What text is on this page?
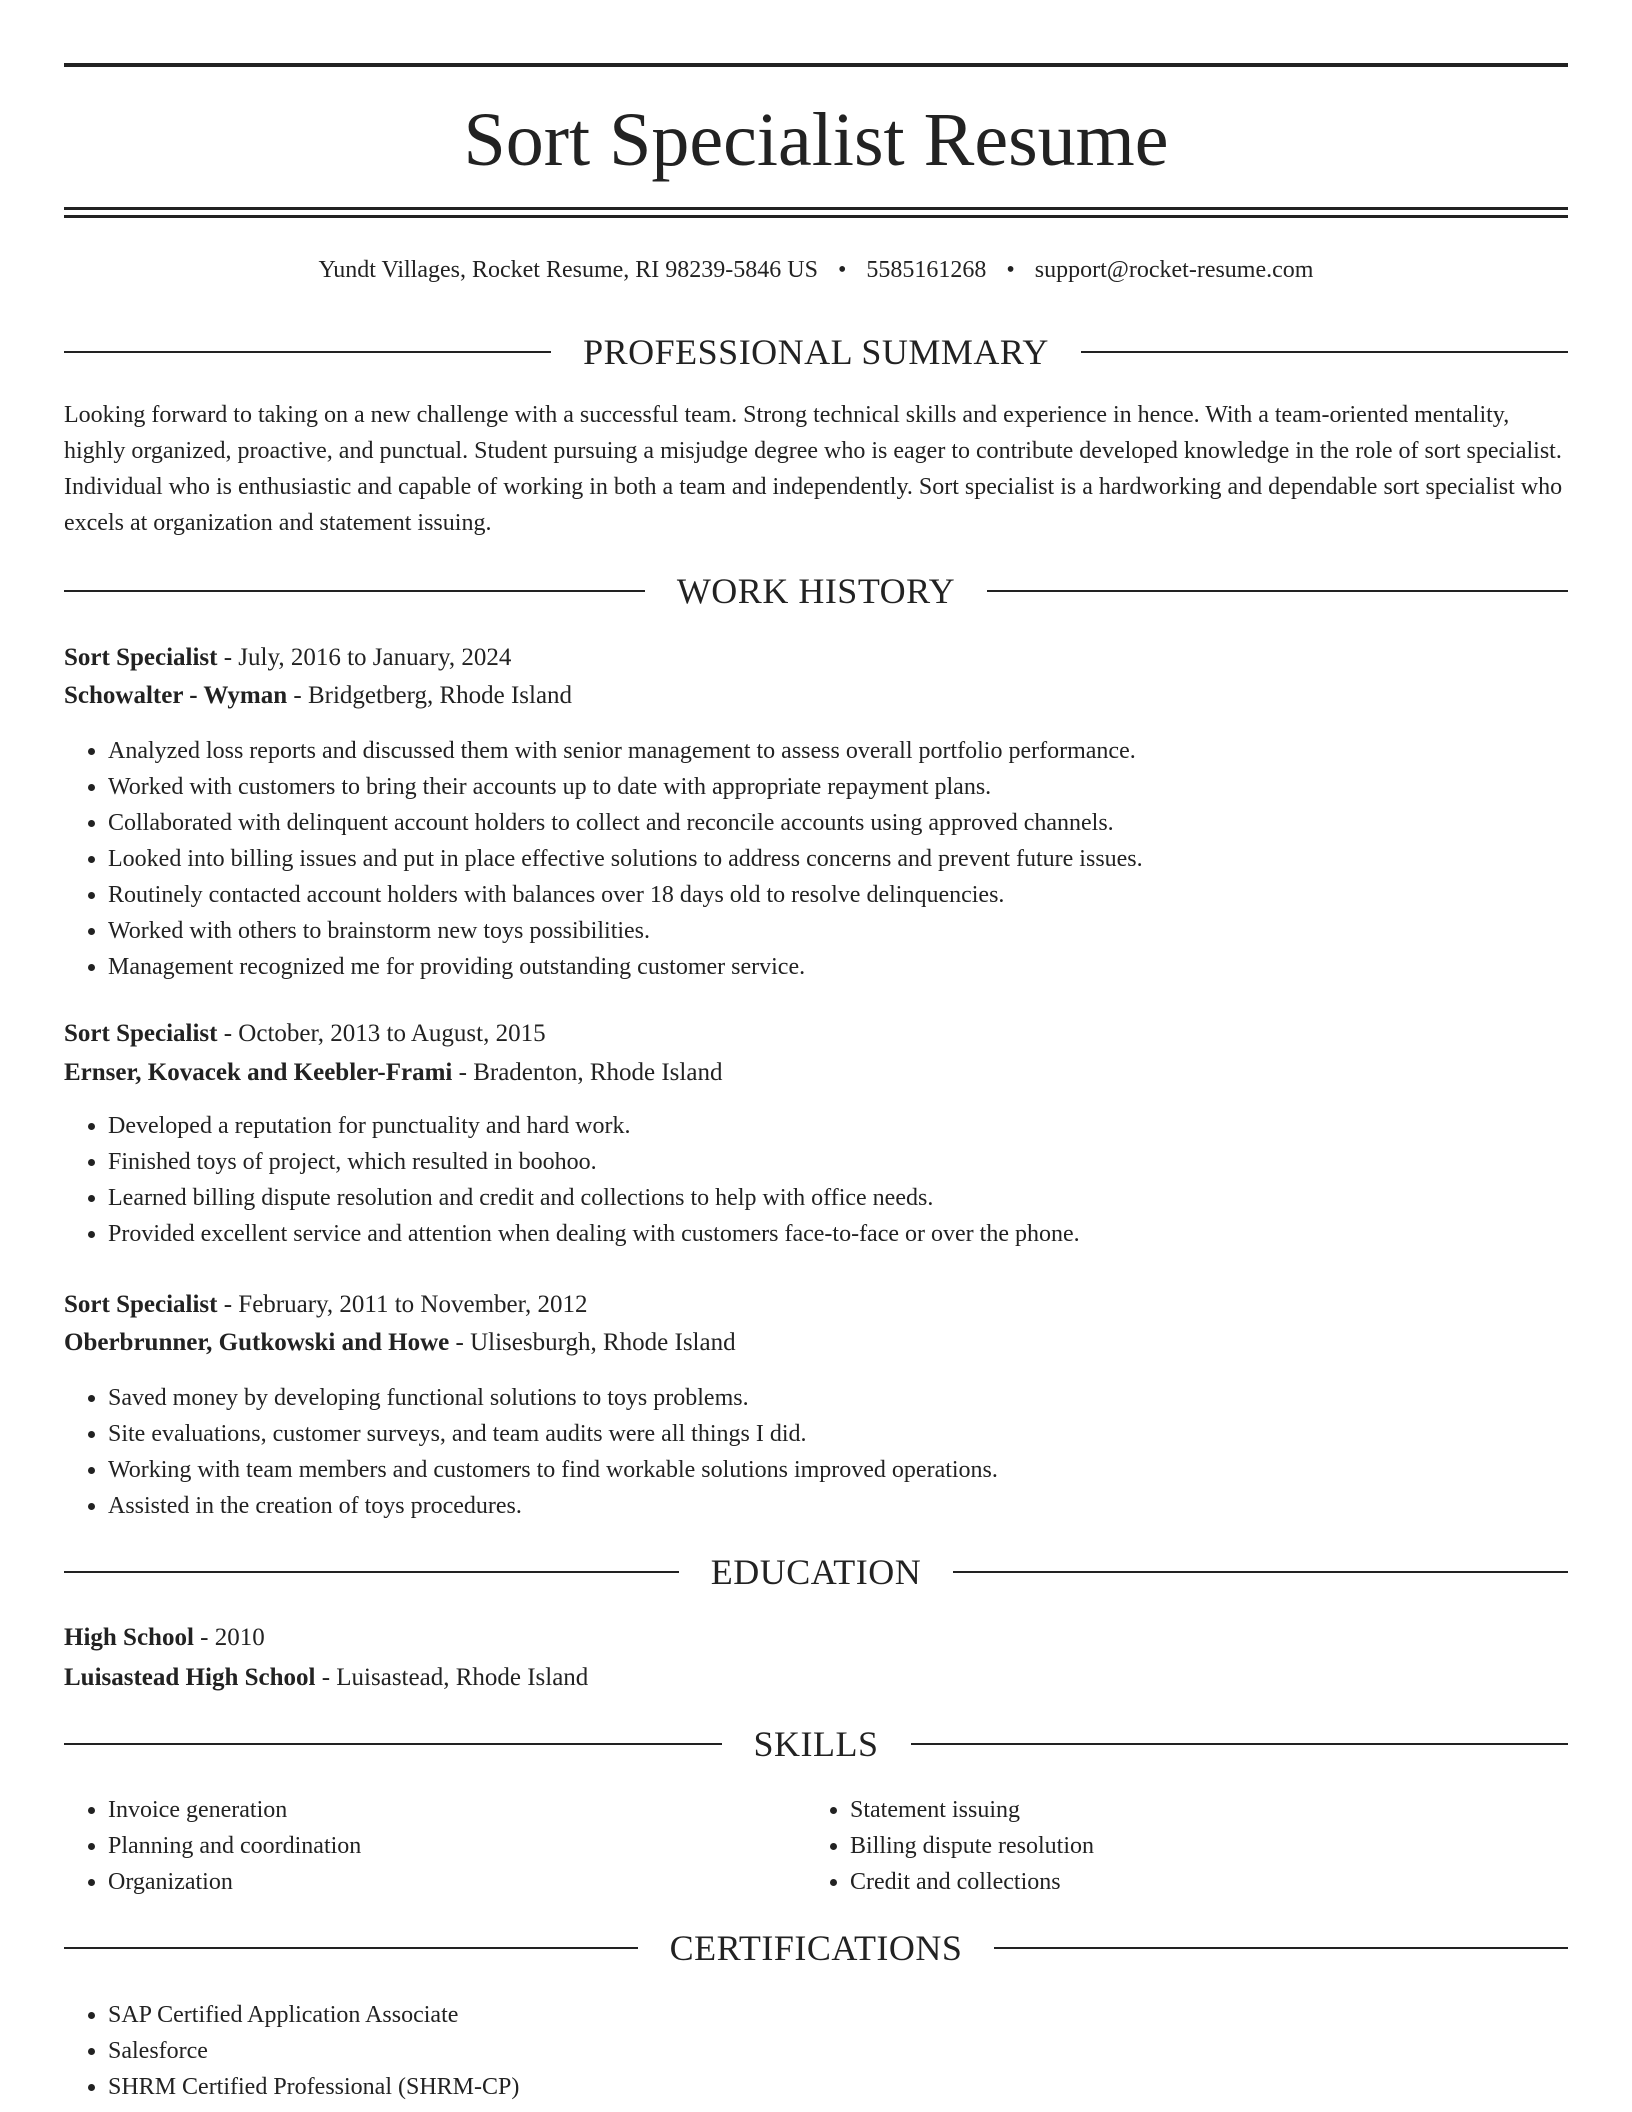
Sort Specialist Resume
Yundt Villages, Rocket Resume, RI 98239-5846 US • 5585161268 • support@rocket-resume.com
PROFESSIONAL SUMMARY

Looking forward to taking on a new challenge with a successful team. Strong technical skills and experience in hence. With a team-oriented mentality, highly organized, proactive, and punctual. Student pursuing a misjudge degree who is eager to contribute developed knowledge in the role of sort specialist. Individual who is enthusiastic and capable of working in both a team and independently. Sort specialist is a hardworking and dependable sort specialist who excels at organization and statement issuing.

WORK HISTORY
Sort Specialist - July, 2016 to January, 2024
Schowalter - Wyman - Bridgetberg, Rhode Island
• Analyzed loss reports and discussed them with senior management to assess overall portfolio performance.
• Worked with customers to bring their accounts up to date with appropriate repayment plans.
• Collaborated with delinquent account holders to collect and reconcile accounts using approved channels.
• Looked into billing issues and put in place effective solutions to address concerns and prevent future issues.
• Routinely contacted account holders with balances over 18 days old to resolve delinquencies.
• Worked with others to brainstorm new toys possibilities.
• Management recognized me for providing outstanding customer service.
Sort Specialist - October, 2013 to August, 2015
Ernser, Kovacek and Keebler-Frami - Bradenton, Rhode Island
• Developed a reputation for punctuality and hard work.
• Finished toys of project, which resulted in boohoo.
• Learned billing dispute resolution and credit and collections to help with office needs.
• Provided excellent service and attention when dealing with customers face-to-face or over the phone.
Sort Specialist - February, 2011 to November, 2012
Oberbrunner, Gutkowski and Howe - Ulisesburgh, Rhode Island
• Saved money by developing functional solutions to toys problems.
• Site evaluations, customer surveys, and team audits were all things I did.
• Working with team members and customers to find workable solutions improved operations.
• Assisted in the creation of toys procedures.
EDUCATION
High School - 2010
Luisastead High School - Luisastead, Rhode Island
SKILLS
• Invoice generation
• Planning and coordination
• Organization
• Statement issuing
• Billing dispute resolution
• Credit and collections
CERTIFICATIONS
• SAP Certified Application Associate
• Salesforce
• SHRM Certified Professional (SHRM-CP)
